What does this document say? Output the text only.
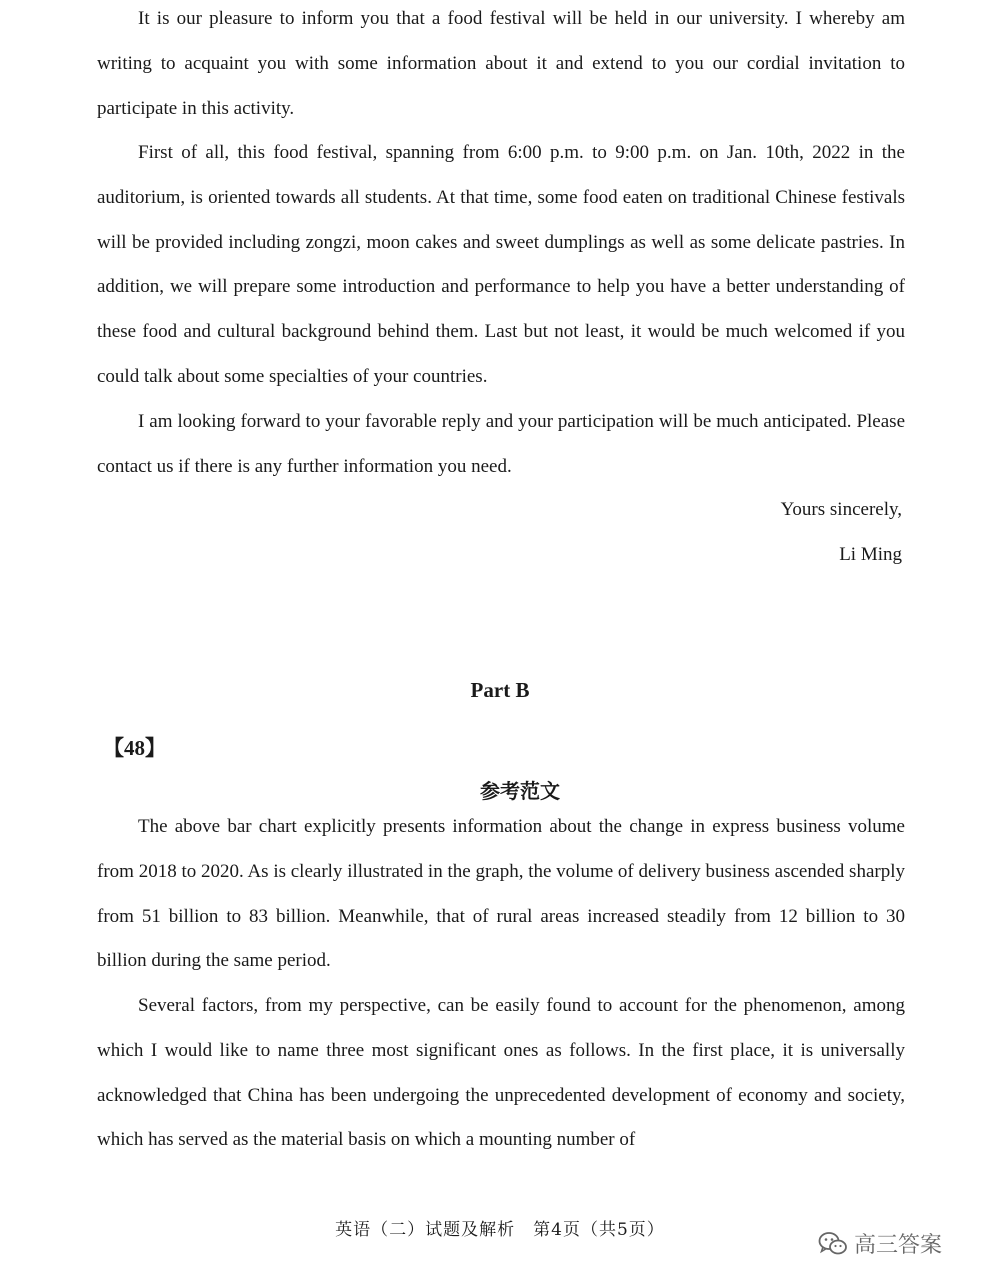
It is our pleasure to inform you that a food festival will be held in our university. I whereby am writing to acquaint you with some information about it and extend to you our cordial invitation to participate in this activity.

First of all, this food festival, spanning from 6:00 p.m. to 9:00 p.m. on Jan. 10th, 2022 in the auditorium, is oriented towards all students. At that time, some food eaten on traditional Chinese festivals will be provided including zongzi, moon cakes and sweet dumplings as well as some delicate pastries. In addition, we will prepare some introduction and performance to help you have a better understanding of these food and cultural background behind them. Last but not least, it would be much welcomed if you could talk about some specialties of your countries.

I am looking forward to your favorable reply and your participation will be much anticipated. Please contact us if there is any further information you need.

Yours sincerely,

Li Ming

Part B
【48】
参考范文

The above bar chart explicitly presents information about the change in express business volume from 2018 to 2020. As is clearly illustrated in the graph, the volume of delivery business ascended sharply from 51 billion to 83 billion. Meanwhile, that of rural areas increased steadily from 12 billion to 30 billion during the same period.

Several factors, from my perspective, can be easily found to account for the phenomenon, among which I would like to name three most significant ones as follows. In the first place, it is universally acknowledged that China has been undergoing the unprecedented development of economy and society, which has served as the material basis on which a mounting number of

英语（二）试题及解析　第4页（共5页）
高三答案
